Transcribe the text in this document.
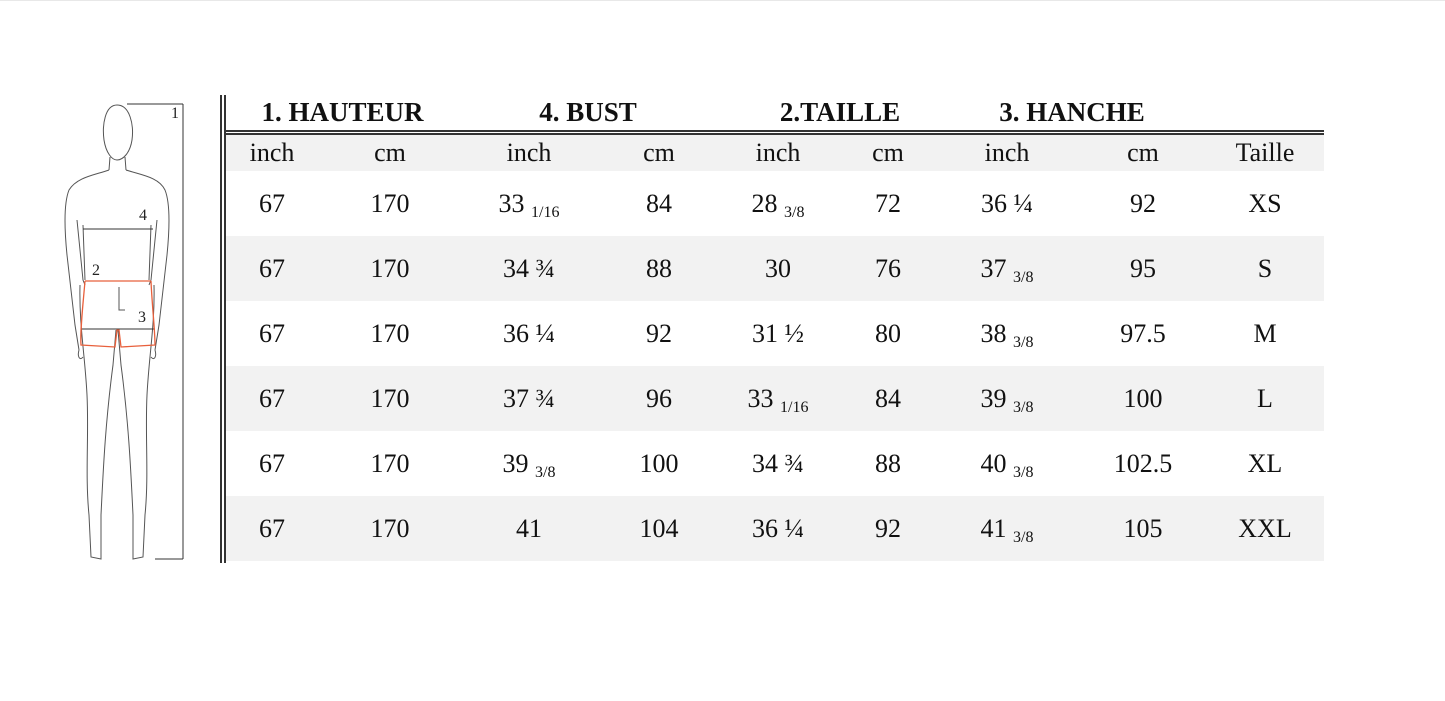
1
4
2
3
1. HAUTEUR	4. BUST	2.TAILLE	3. HANCHE
inch	cm	inch	cm	inch	cm	inch	cm	Taille
67	170	33 1/16	84	28 3/8	72	36 ¼	92	XS
67	170	34 ¾	88	30	76	37 3/8	95	S
67	170	36 ¼	92	31 ½	80	38 3/8	97.5	M
67	170	37 ¾	96	33 1/16	84	39 3/8	100	L
67	170	39 3/8	100	34 ¾	88	40 3/8	102.5	XL
67	170	41	104	36 ¼	92	41 3/8	105	XXL
